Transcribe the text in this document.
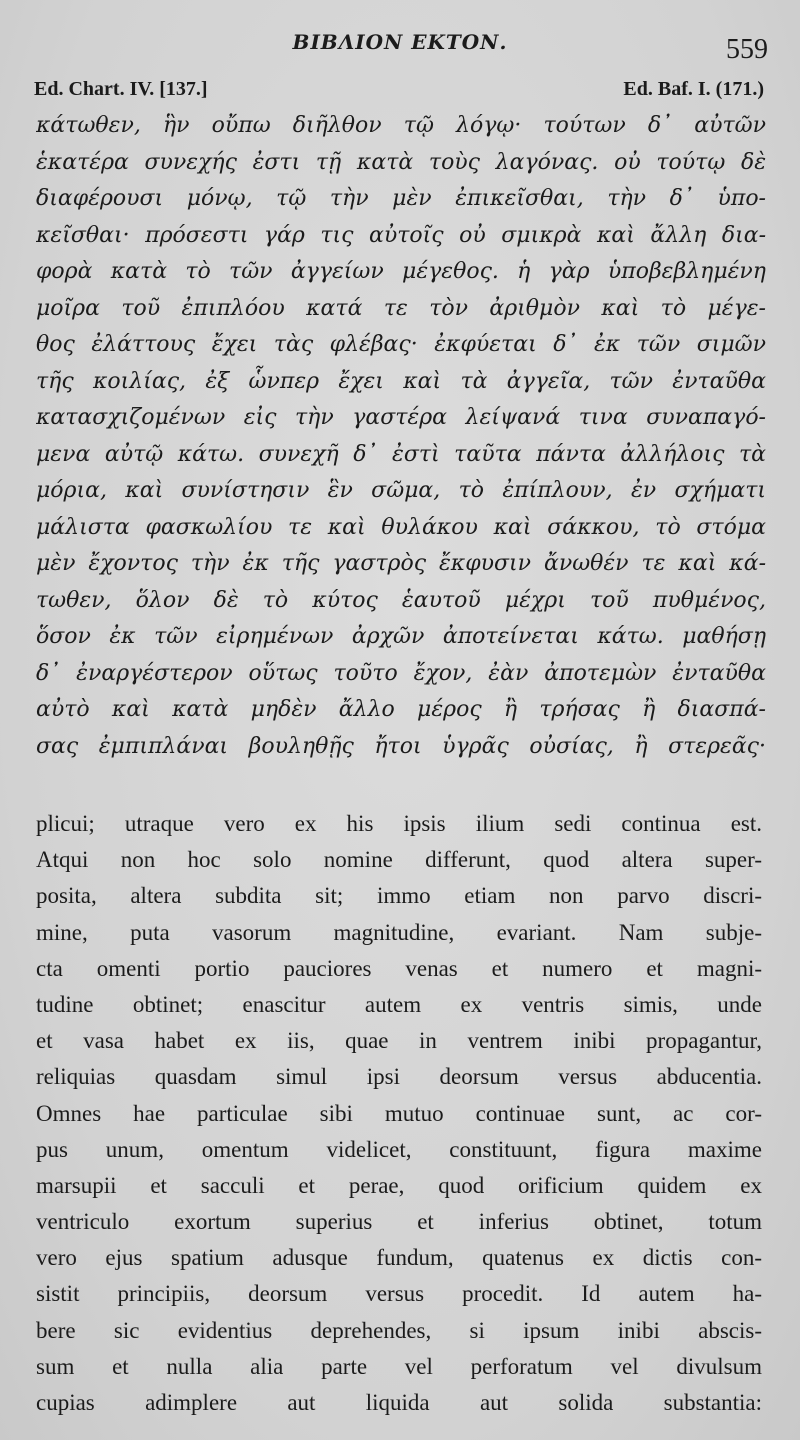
ΒΙΒΛΙΟΝ ΕΚΤΟΝ.	559
Ed. Chart. IV. [137.]	Ed. Baf. I. (171.)
κάτωθεν, ἣν οὔπω διῆλθον τῷ λόγῳ· τούτων δ᾿ αὐτῶν
ἑκατέρα συνεχής ἐστι τῇ κατὰ τοὺς λαγόνας. οὐ τούτῳ δὲ
διαφέρουσι μόνῳ, τῷ τὴν μὲν ἐπικεῖσθαι, τὴν δ᾿ ὑπο-
κεῖσθαι· πρόσεστι γάρ τις αὐτοῖς οὐ σμικρὰ καὶ ἄλλη δια-
φορὰ κατὰ τὸ τῶν ἀγγείων μέγεθος. ἡ γὰρ ὑποβεβλημένη
μοῖρα τοῦ ἐπιπλόου κατά τε τὸν ἀριθμὸν καὶ τὸ μέγε-
θος ἐλάττους ἔχει τὰς φλέβας· ἐκφύεται δ᾿ ἐκ τῶν σιμῶν
τῆς κοιλίας, ἐξ ὧνπερ ἔχει καὶ τὰ ἀγγεῖα, τῶν ἐνταῦθα
κατασχιζομένων εἰς τὴν γαστέρα λείψανά τινα συναπαγό-
μενα αὐτῷ κάτω. συνεχῆ δ᾿ ἐστὶ ταῦτα πάντα ἀλλήλοις τὰ
μόρια, καὶ συνίστησιν ἓν σῶμα, τὸ ἐπίπλουν, ἐν σχήματι
μάλιστα φασκωλίου τε καὶ θυλάκου καὶ σάκκου, τὸ στόμα
μὲν ἔχοντος τὴν ἐκ τῆς γαστρὸς ἔκφυσιν ἄνωθέν τε καὶ κά-
τωθεν, ὅλον δὲ τὸ κύτος ἑαυτοῦ μέχρι τοῦ πυθμένος,
ὅσον ἐκ τῶν εἰρημένων ἀρχῶν ἀποτείνεται κάτω. μαθήσῃ
δ᾿ ἐναργέστερον οὕτως τοῦτο ἔχον, ἐὰν ἀποτεμὼν ἐνταῦθα
αὐτὸ καὶ κατὰ μηδὲν ἄλλο μέρος ἢ τρήσας ἢ διασπά-
σας ἐμπιπλάναι βουληθῇς ἤτοι ὑγρᾶς οὐσίας, ἢ στερεᾶς·
plicui; utraque vero ex his ipsis ilium sedi continua est.
Atqui non hoc solo nomine differunt, quod altera super-
posita, altera subdita sit; immo etiam non parvo discri-
mine, puta vasorum magnitudine, evariant. Nam subje-
cta omenti portio pauciores venas et numero et magni-
tudine obtinet; enascitur autem ex ventris simis, unde
et vasa habet ex iis, quae in ventrem inibi propagantur,
reliquias quasdam simul ipsi deorsum versus abducentia.
Omnes hae particulae sibi mutuo continuae sunt, ac cor-
pus unum, omentum videlicet, constituunt, figura maxime
marsupii et sacculi et perae, quod orificium quidem ex
ventriculo exortum superius et inferius obtinet, totum
vero ejus spatium adusque fundum, quatenus ex dictis con-
sistit principiis, deorsum versus procedit. Id autem ha-
bere sic evidentius deprehendes, si ipsum inibi abscis-
sum et nulla alia parte vel perforatum vel divulsum
cupias adimplere aut liquida aut solida substantia:
